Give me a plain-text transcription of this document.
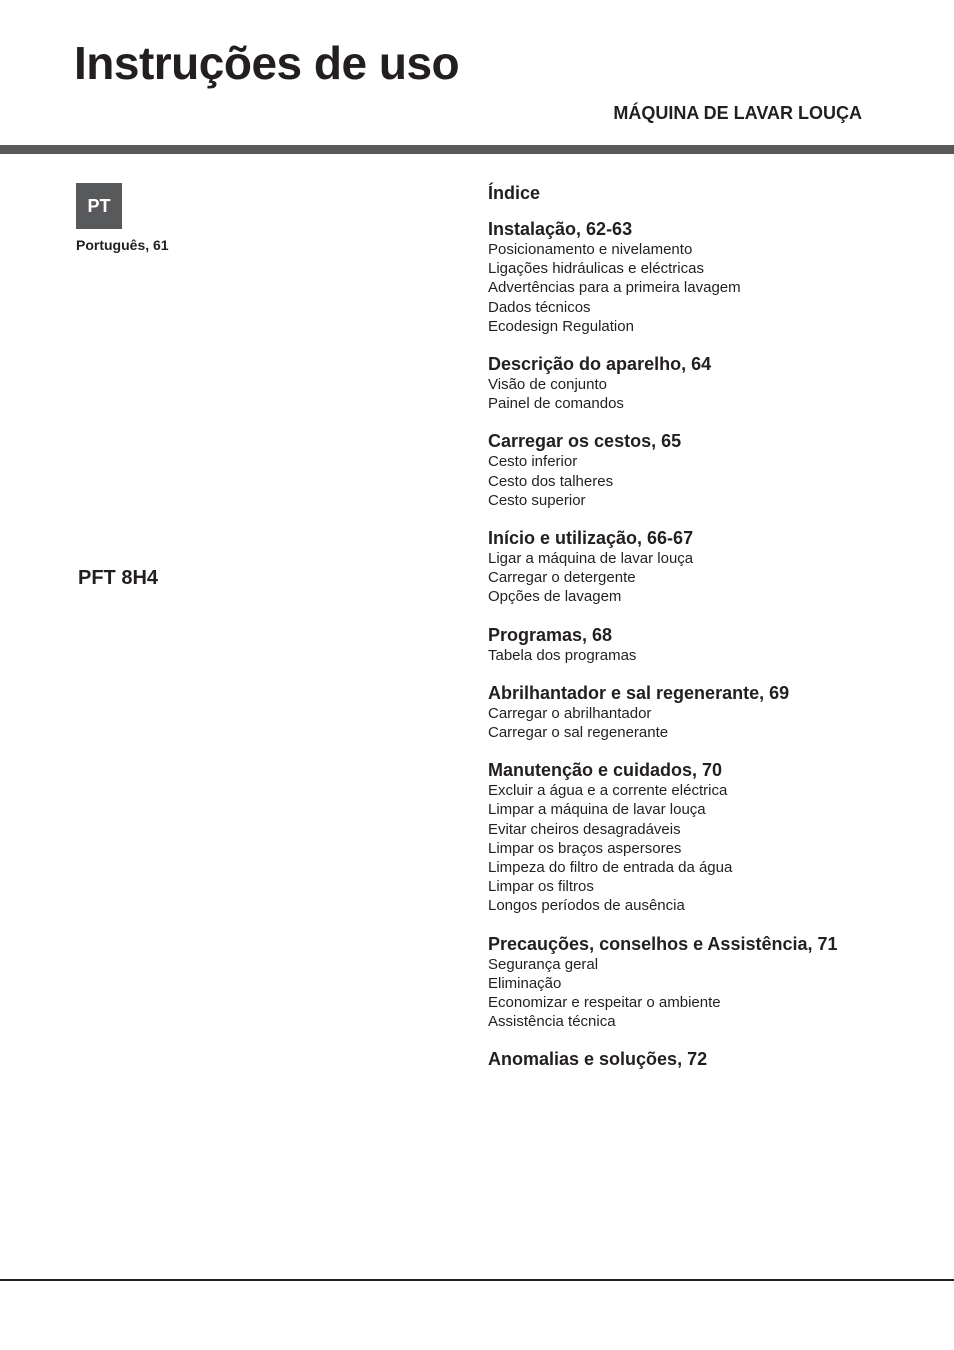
Instruções de uso
MÁQUINA DE LAVAR LOUÇA
PT
Português, 61
PFT 8H4
Índice
Instalação, 62-63
Posicionamento e nivelamento
Ligações hidráulicas e eléctricas
Advertências para a primeira lavagem
Dados técnicos
Ecodesign Regulation
Descrição do aparelho, 64
Visão de conjunto
Painel de comandos
Carregar os cestos, 65
Cesto inferior
Cesto dos talheres
Cesto superior
Início e utilização, 66-67
Ligar a máquina de lavar louça
Carregar o detergente
Opções de lavagem
Programas, 68
Tabela dos programas
Abrilhantador e sal regenerante, 69
Carregar o abrilhantador
Carregar o sal regenerante
Manutenção e cuidados, 70
Excluir a água e a corrente eléctrica
Limpar a máquina de lavar louça
Evitar cheiros desagradáveis
Limpar os braços aspersores
Limpeza do filtro de entrada da água
Limpar os filtros
Longos períodos de ausência
Precauções, conselhos e Assistência, 71
Segurança geral
Eliminação
Economizar e respeitar o ambiente
Assistência técnica
Anomalias e soluções, 72
